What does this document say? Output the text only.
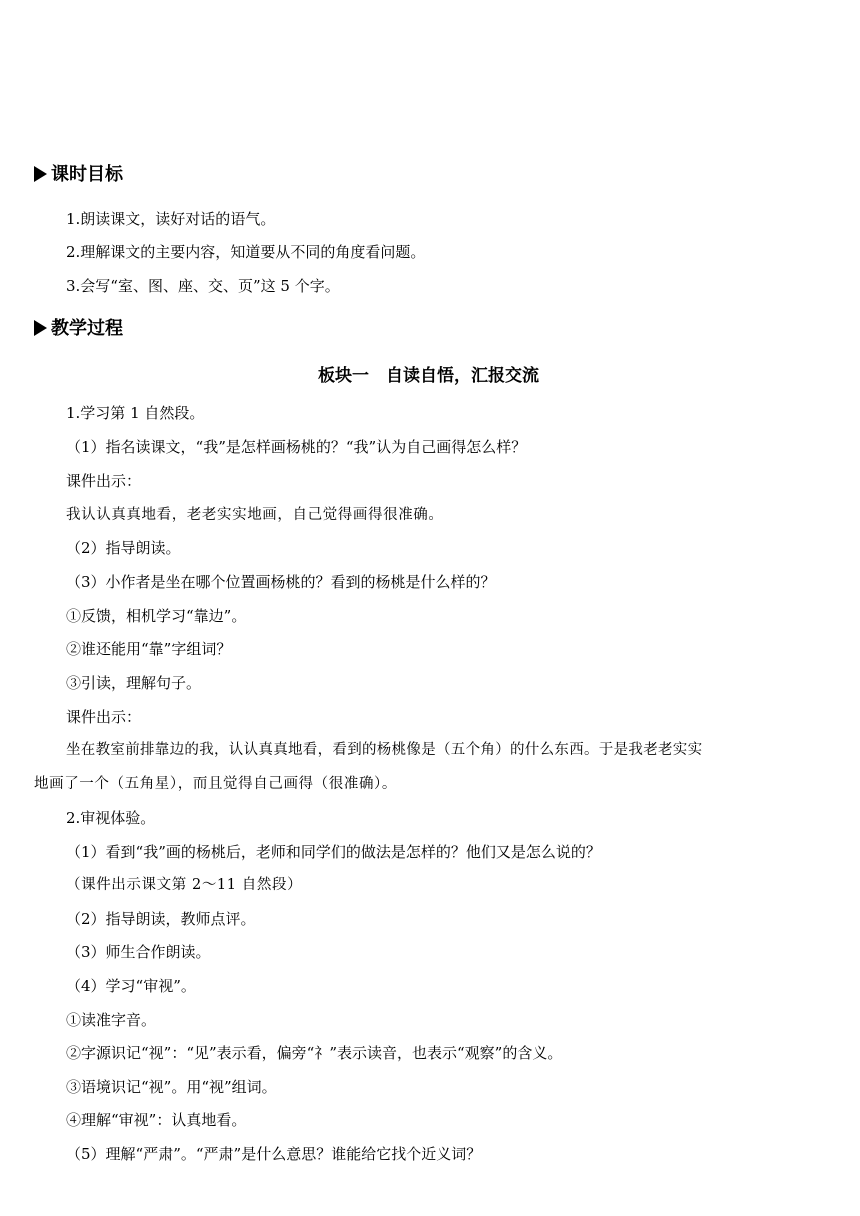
课时目标
1.朗读课文，读好对话的语气。
2.理解课文的主要内容，知道要从不同的角度看问题。
3.会写“室、图、座、交、页”这 5 个字。
教学过程
板块一　自读自悟，汇报交流
1.学习第 1 自然段。
（1）指名读课文，“我”是怎样画杨桃的？“我”认为自己画得怎么样？
课件出示：
我认认真真地看，老老实实地画，自己觉得画得很准确。
（2）指导朗读。
（3）小作者是坐在哪个位置画杨桃的？看到的杨桃是什么样的？
①反馈，相机学习“靠边”。
②谁还能用“靠”字组词？
③引读，理解句子。
课件出示：
坐在教室前排靠边的我，认认真真地看，看到的杨桃像是（五个角）的什么东西。于是我老老实实
地画了一个（五角星），而且觉得自己画得（很准确）。
2.审视体验。
（1）看到“我”画的杨桃后，老师和同学们的做法是怎样的？他们又是怎么说的？
（课件出示课文第 2～11 自然段）
（2）指导朗读，教师点评。
（3）师生合作朗读。
（4）学习“审视”。
①读准字音。
②字源识记“视”：“见”表示看，偏旁“礻”表示读音，也表示“观察”的含义。
③语境识记“视”。用“视”组词。
④理解“审视”：认真地看。
（5）理解“严肃”。“严肃”是什么意思？谁能给它找个近义词？
